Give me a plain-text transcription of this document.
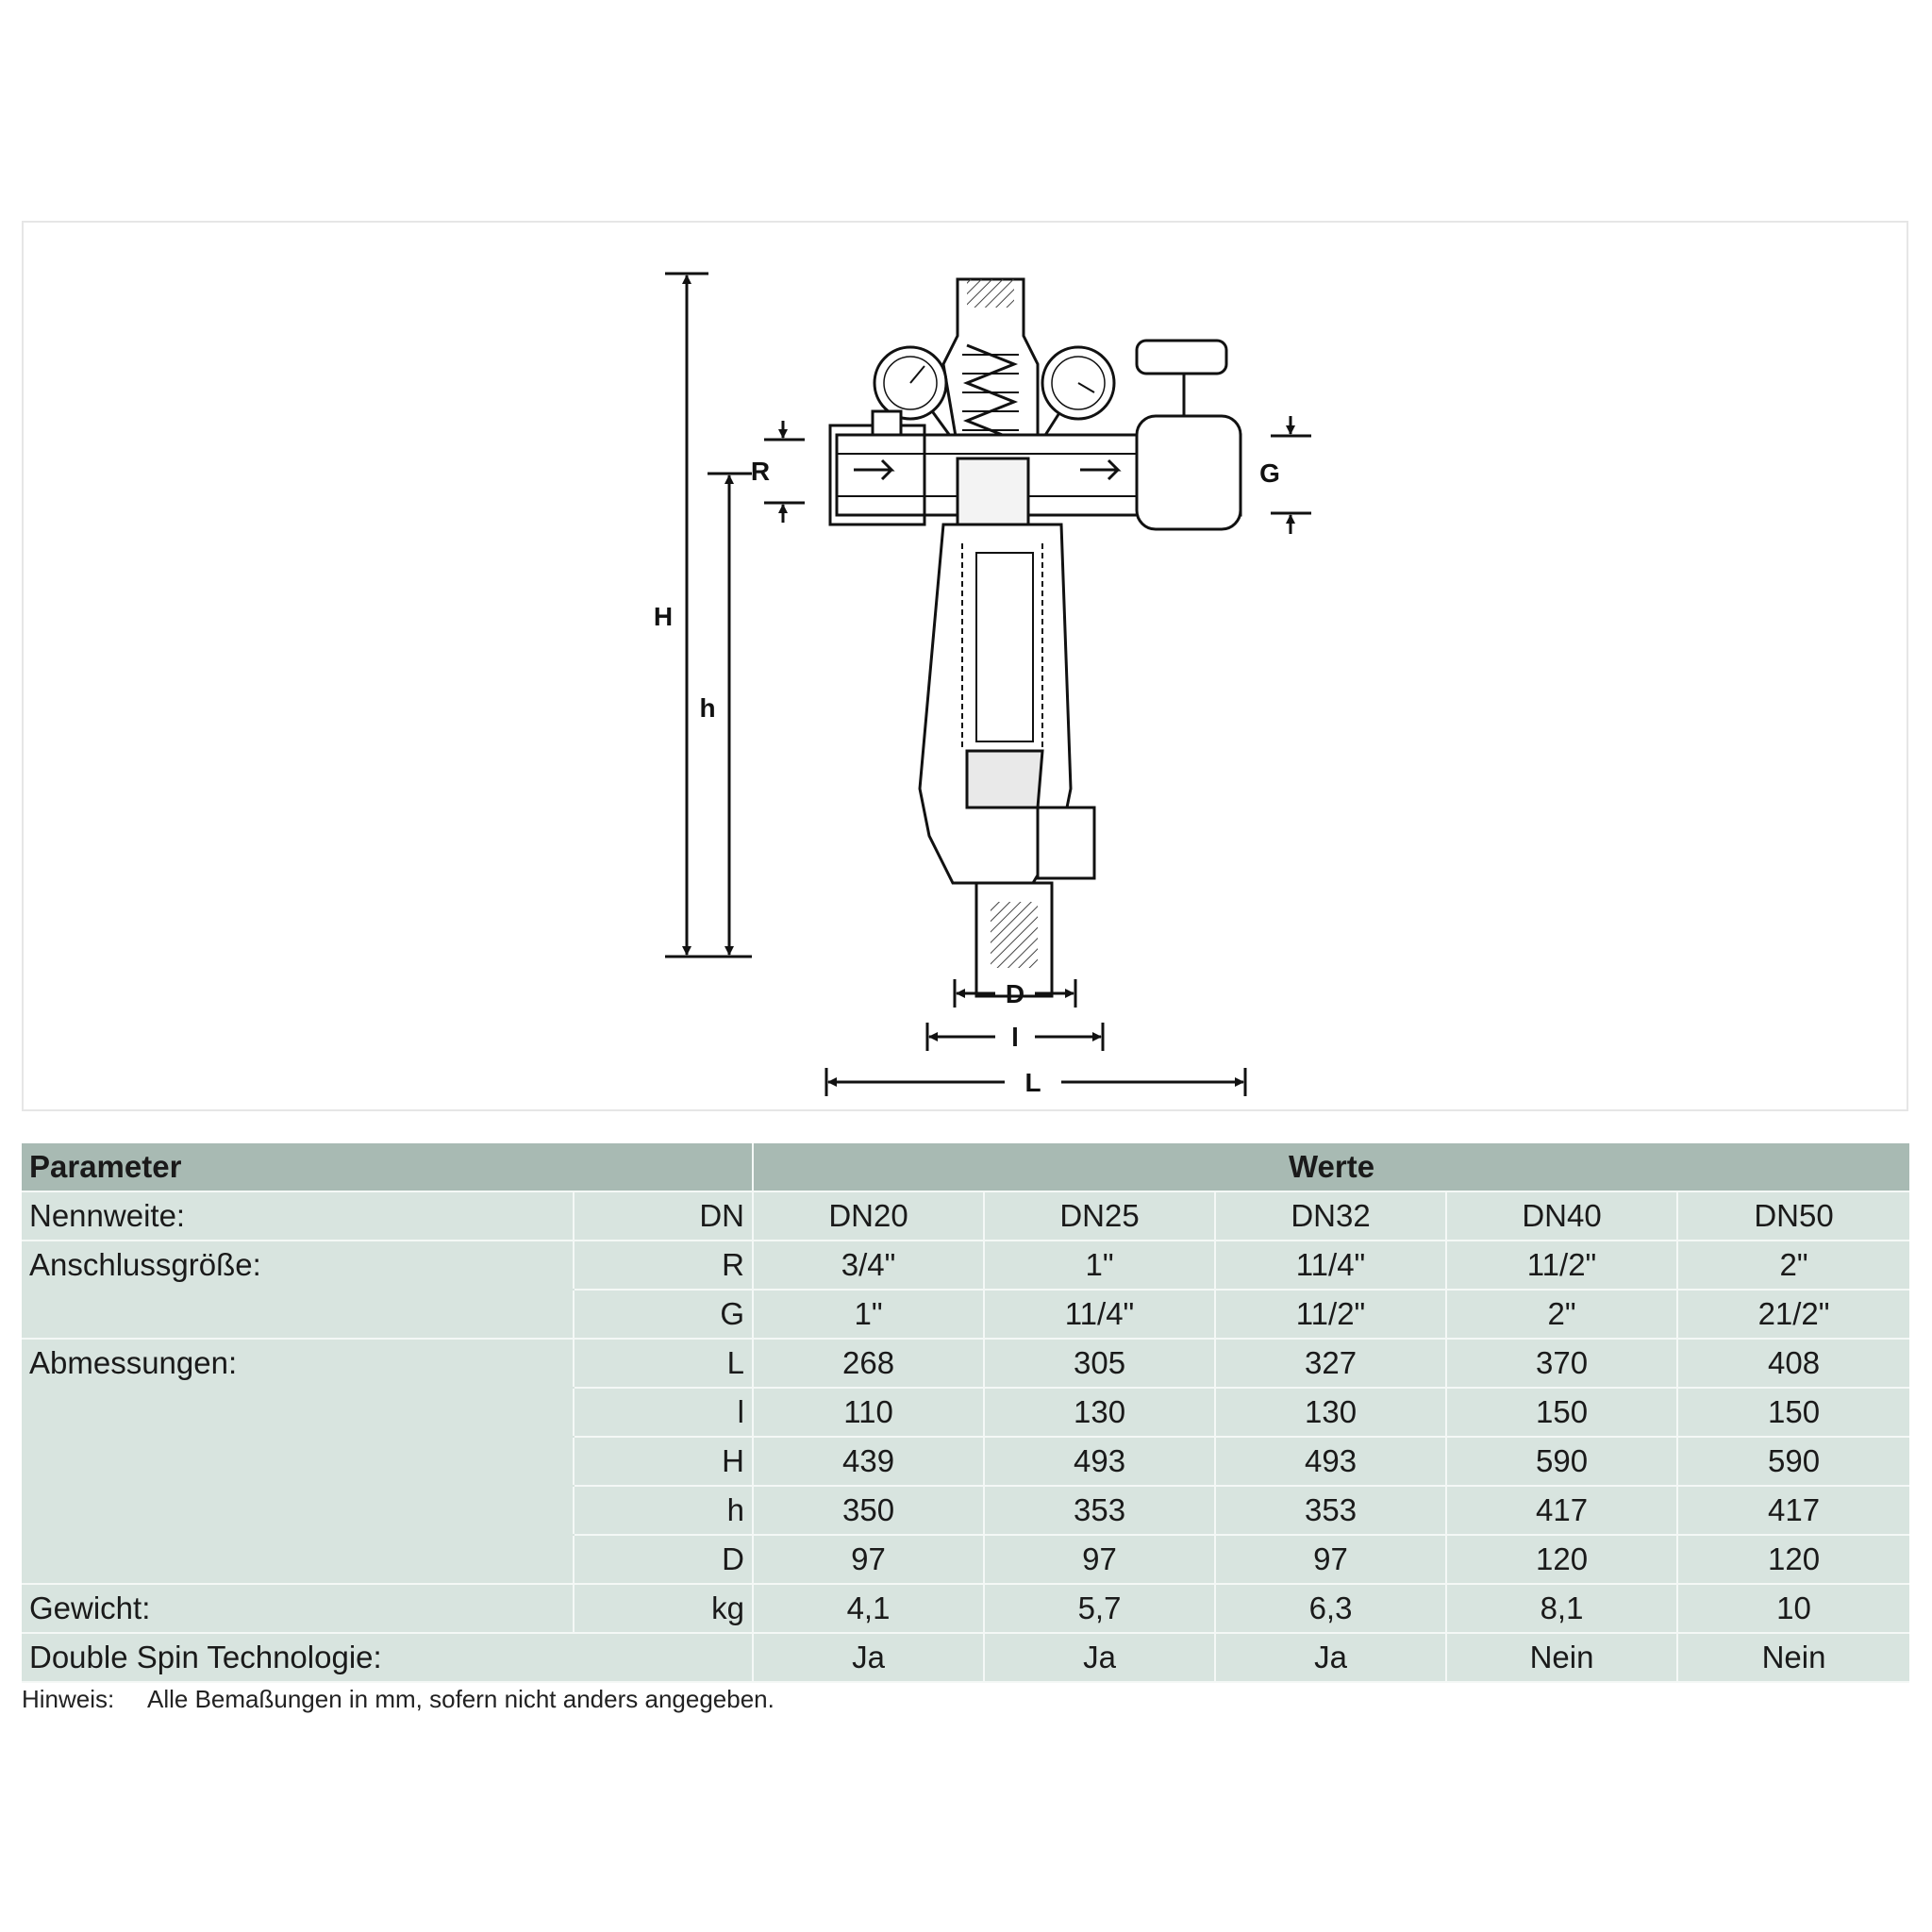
H
h
R	G
D
l
L
Parameter		Werte				
Nennweite:	DN	DN20	DN25	DN32	DN40	DN50
Anschlussgröße:	R	3/4"	1"	11/4"	11/2"	2"
	G	1"	11/4"	11/2"	2"	21/2"
Abmessungen:	L	268	305	327	370	408
	l	110	130	130	150	150
	H	439	493	493	590	590
	h	350	353	353	417	417
	D	97	97	97	120	120
Gewicht:	kg	4,1	5,7	6,3	8,1	10
Double Spin Technologie:		Ja	Ja	Ja	Nein	Nein
Hinweis: Alle Bemaßungen in mm, sofern nicht anders angegeben.
